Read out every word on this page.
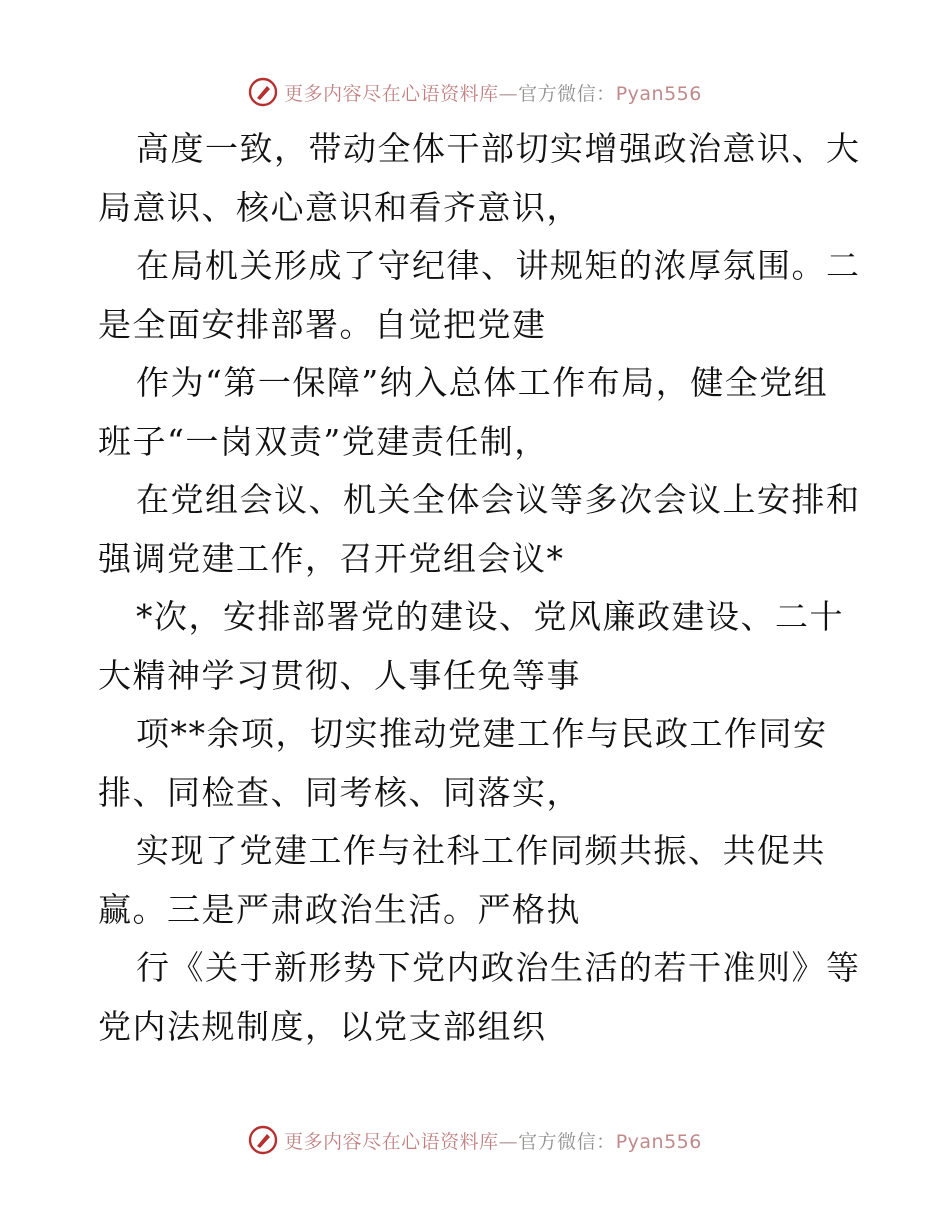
更多内容尽在心语资料库—官方微信：Pyan556
高度一致，带动全体干部切实增强政治意识、大
局意识、核心意识和看齐意识，
在局机关形成了守纪律、讲规矩的浓厚氛围。二
是全面安排部署。自觉把党建
作为“第一保障”纳入总体工作布局，健全党组
班子“一岗双责”党建责任制，
在党组会议、机关全体会议等多次会议上安排和
强调党建工作，召开党组会议*
*次，安排部署党的建设、党风廉政建设、二十
大精神学习贯彻、人事任免等事
项**余项，切实推动党建工作与民政工作同安
排、同检查、同考核、同落实，
实现了党建工作与社科工作同频共振、共促共
赢。三是严肃政治生活。严格执
行《关于新形势下党内政治生活的若干准则》等
党内法规制度，以党支部组织
更多内容尽在心语资料库—官方微信：Pyan556
